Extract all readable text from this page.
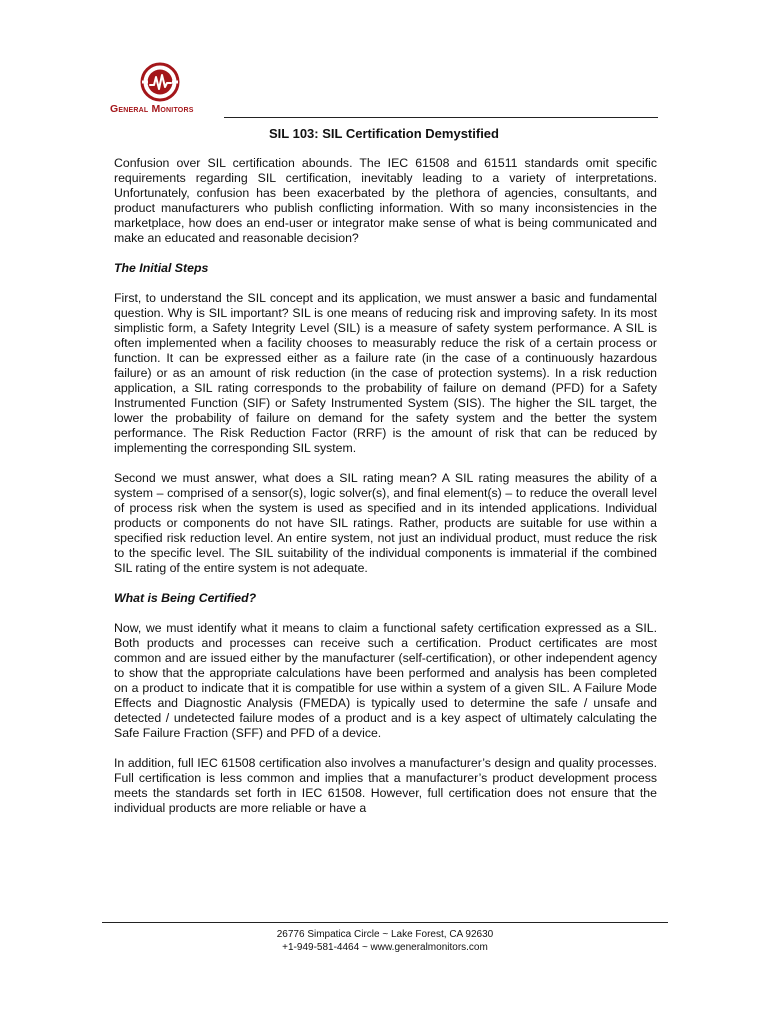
General Monitors
SIL 103: SIL Certification Demystified

Confusion over SIL certification abounds. The IEC 61508 and 61511 standards omit specific requirements regarding SIL certification, inevitably leading to a variety of interpretations. Unfortunately, confusion has been exacerbated by the plethora of agencies, consultants, and product manufacturers who publish conflicting information. With so many inconsistencies in the marketplace, how does an end-user or integrator make sense of what is being communicated and make an educated and reasonable decision?

The Initial Steps

First, to understand the SIL concept and its application, we must answer a basic and fundamental question. Why is SIL important? SIL is one means of reducing risk and improving safety. In its most simplistic form, a Safety Integrity Level (SIL) is a measure of safety system performance. A SIL is often implemented when a facility chooses to measurably reduce the risk of a certain process or function. It can be expressed either as a failure rate (in the case of a continuously hazardous failure) or as an amount of risk reduction (in the case of protection systems). In a risk reduction application, a SIL rating corresponds to the probability of failure on demand (PFD) for a Safety Instrumented Function (SIF) or Safety Instrumented System (SIS). The higher the SIL target, the lower the probability of failure on demand for the safety system and the better the system performance. The Risk Reduction Factor (RRF) is the amount of risk that can be reduced by implementing the corresponding SIL system.

Second we must answer, what does a SIL rating mean? A SIL rating measures the ability of a system – comprised of a sensor(s), logic solver(s), and final element(s) – to reduce the overall level of process risk when the system is used as specified and in its intended applications. Individual products or components do not have SIL ratings. Rather, products are suitable for use within a specified risk reduction level. An entire system, not just an individual product, must reduce the risk to the specific level. The SIL suitability of the individual components is immaterial if the combined SIL rating of the entire system is not adequate.

What is Being Certified?

Now, we must identify what it means to claim a functional safety certification expressed as a SIL. Both products and processes can receive such a certification. Product certificates are most common and are issued either by the manufacturer (self-certification), or other independent agency to show that the appropriate calculations have been performed and analysis has been completed on a product to indicate that it is compatible for use within a system of a given SIL. A Failure Mode Effects and Diagnostic Analysis (FMEDA) is typically used to determine the safe / unsafe and detected / undetected failure modes of a product and is a key aspect of ultimately calculating the Safe Failure Fraction (SFF) and PFD of a device.

In addition, full IEC 61508 certification also involves a manufacturer’s design and quality processes. Full certification is less common and implies that a manufacturer’s product development process meets the standards set forth in IEC 61508. However, full certification does not ensure that the individual products are more reliable or have a

26776 Simpatica Circle ~ Lake Forest, CA 92630
+1-949-581-4464 ~ www.generalmonitors.com
